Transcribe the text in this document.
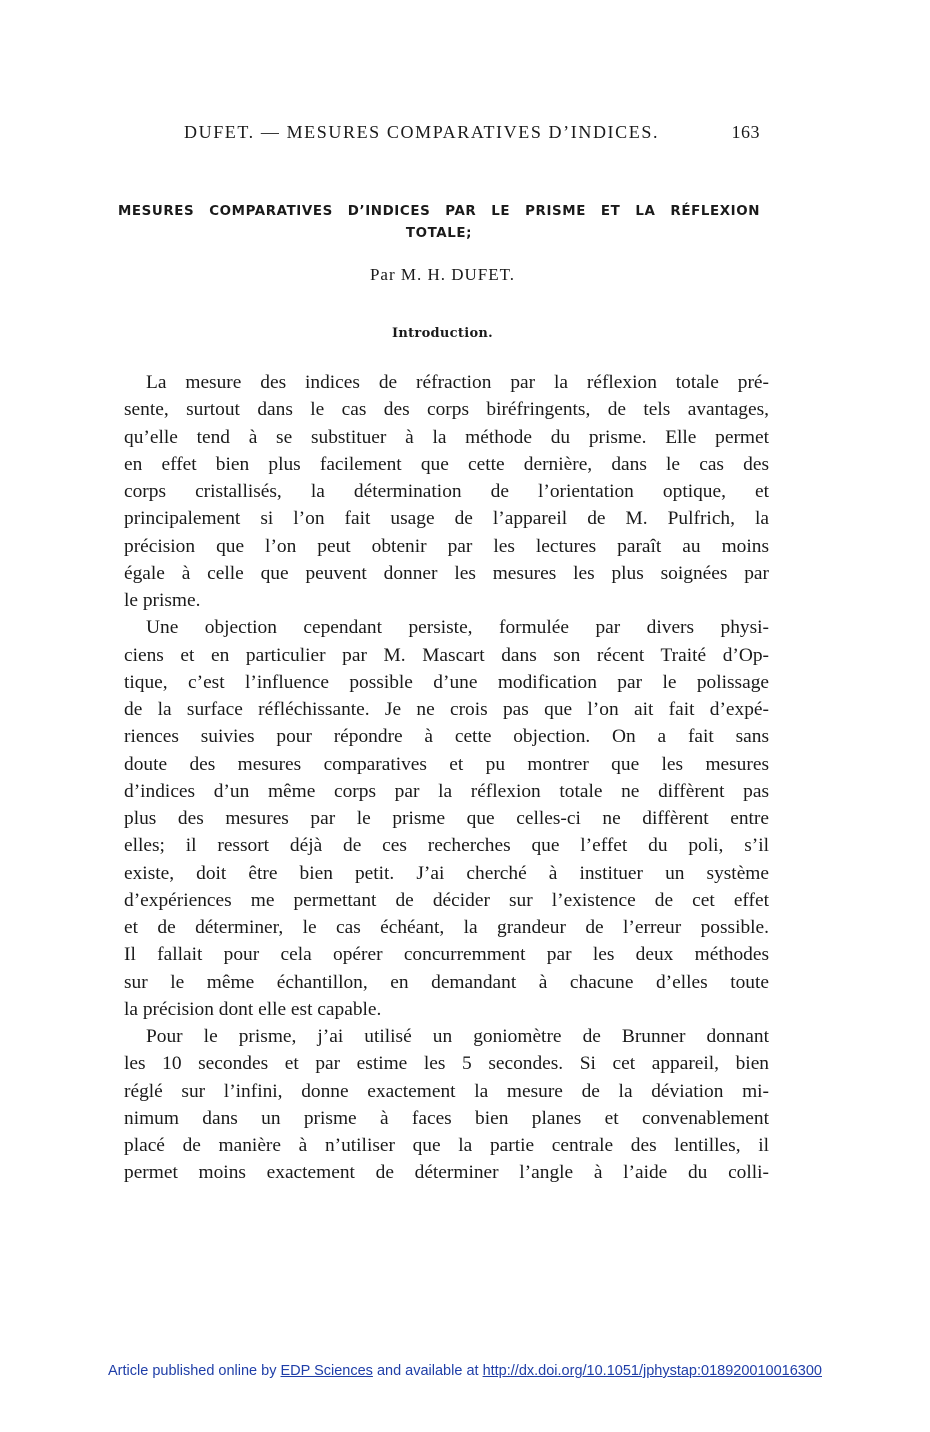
DUFET. — MESURES COMPARATIVES D’INDICES.	163
MESURES COMPARATIVES D’INDICES PAR LE PRISME ET LA RÉFLEXION
TOTALE;
Par M. H. DUFET.
Introduction.
La mesure des indices de réfraction par la réflexion totale pré-
sente, surtout dans le cas des corps biréfringents, de tels avantages,
qu’elle tend à se substituer à la méthode du prisme. Elle permet
en effet bien plus facilement que cette dernière, dans le cas des
corps cristallisés, la détermination de l’orientation optique, et
principalement si l’on fait usage de l’appareil de M. Pulfrich, la
précision que l’on peut obtenir par les lectures paraît au moins
égale à celle que peuvent donner les mesures les plus soignées par
le prisme.
Une objection cependant persiste, formulée par divers physi-
ciens et en particulier par M. Mascart dans son récent Traité d’Op-
tique, c’est l’influence possible d’une modification par le polissage
de la surface réfléchissante. Je ne crois pas que l’on ait fait d’expé-
riences suivies pour répondre à cette objection. On a fait sans
doute des mesures comparatives et pu montrer que les mesures
d’indices d’un même corps par la réflexion totale ne diffèrent pas
plus des mesures par le prisme que celles-ci ne diffèrent entre
elles; il ressort déjà de ces recherches que l’effet du poli, s’il
existe, doit être bien petit. J’ai cherché à instituer un système
d’expériences me permettant de décider sur l’existence de cet effet
et de déterminer, le cas échéant, la grandeur de l’erreur possible.
Il fallait pour cela opérer concurremment par les deux méthodes
sur le même échantillon, en demandant à chacune d’elles toute
la précision dont elle est capable.
Pour le prisme, j’ai utilisé un goniomètre de Brunner donnant
les 10 secondes et par estime les 5 secondes. Si cet appareil, bien
réglé sur l’infini, donne exactement la mesure de la déviation mi-
nimum dans un prisme à faces bien planes et convenablement
placé de manière à n’utiliser que la partie centrale des lentilles, il
permet moins exactement de déterminer l’angle à l’aide du colli-
Article published online by EDP Sciences and available at http://dx.doi.org/10.1051/jphystap:018920010016300
